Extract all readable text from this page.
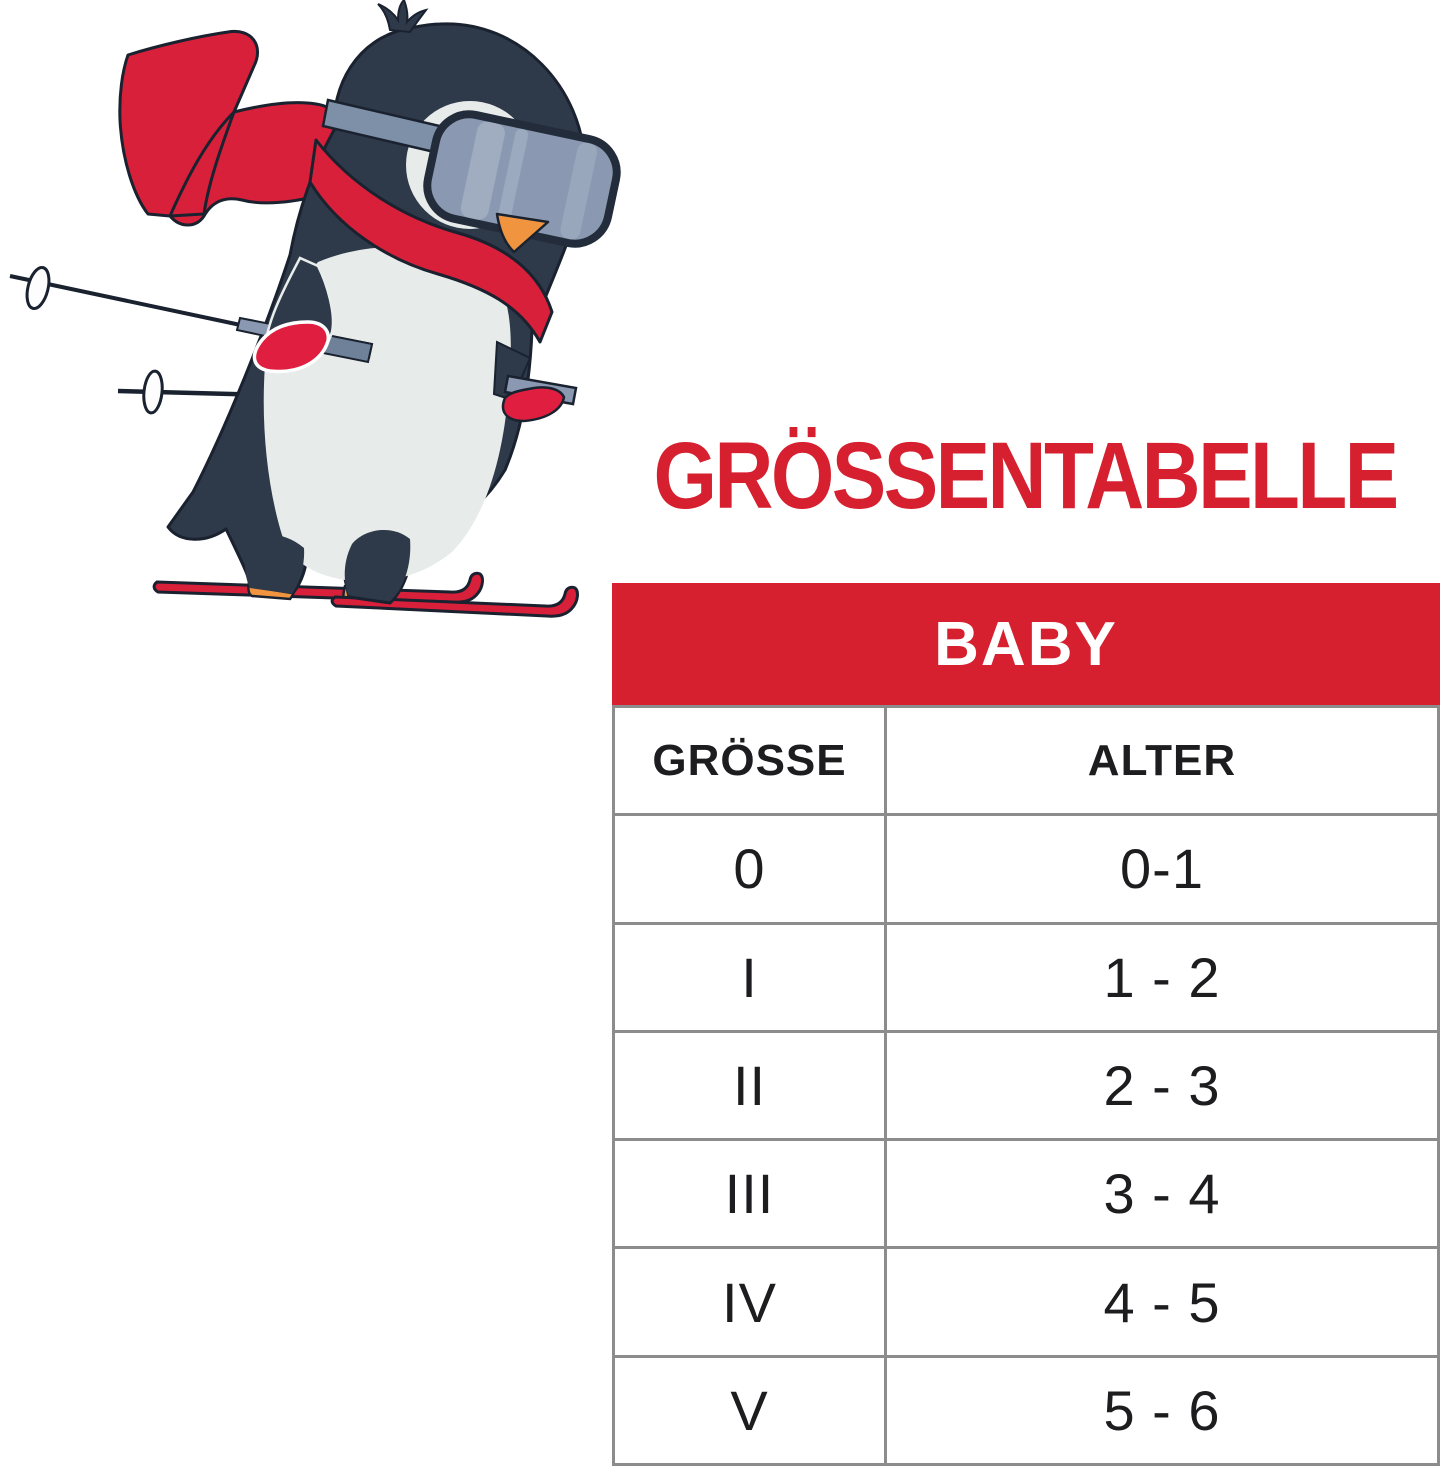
GRÖSSENTABELLE
BABY
GRÖSSE	ALTER
0	0-1
I	1 - 2
II	2 - 3
III	3 - 4
IV	4 - 5
V	5 - 6
